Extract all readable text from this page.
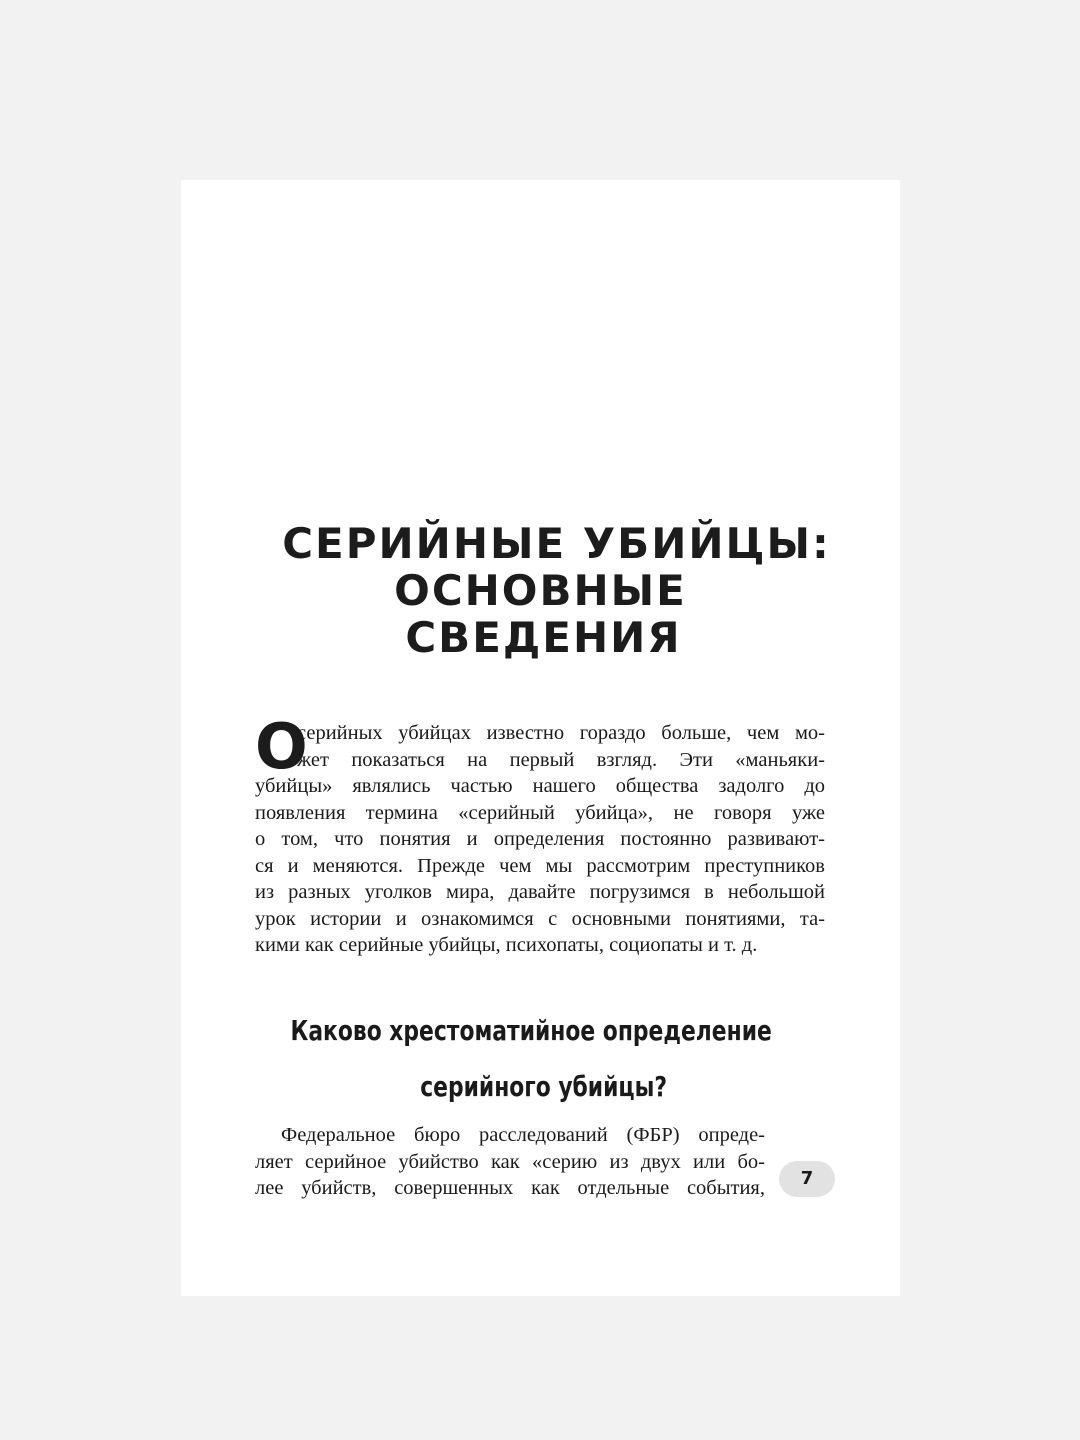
СЕРИЙНЫЕ УБИЙЦЫ:
ОСНОВНЫЕ
СВЕДЕНИЯ
О
серийных убийцах известно гораздо больше, чем мо-
жет показаться на первый взгляд. Эти «маньяки-
убийцы» являлись частью нашего общества задолго до
появления термина «серийный убийца», не говоря уже
о том, что понятия и определения постоянно развивают-
ся и меняются. Прежде чем мы рассмотрим преступников
из разных уголков мира, давайте погрузимся в небольшой
урок истории и ознакомимся с основными понятиями, та-
кими как серийные убийцы, психопаты, социопаты и т. д.
Каково хрестоматийное определение
серийного убийцы?
Федеральное бюро расследований (ФБР) опреде-
ляет серийное убийство как «серию из двух или бо-
лее убийств, совершенных как отдельные события,	7
